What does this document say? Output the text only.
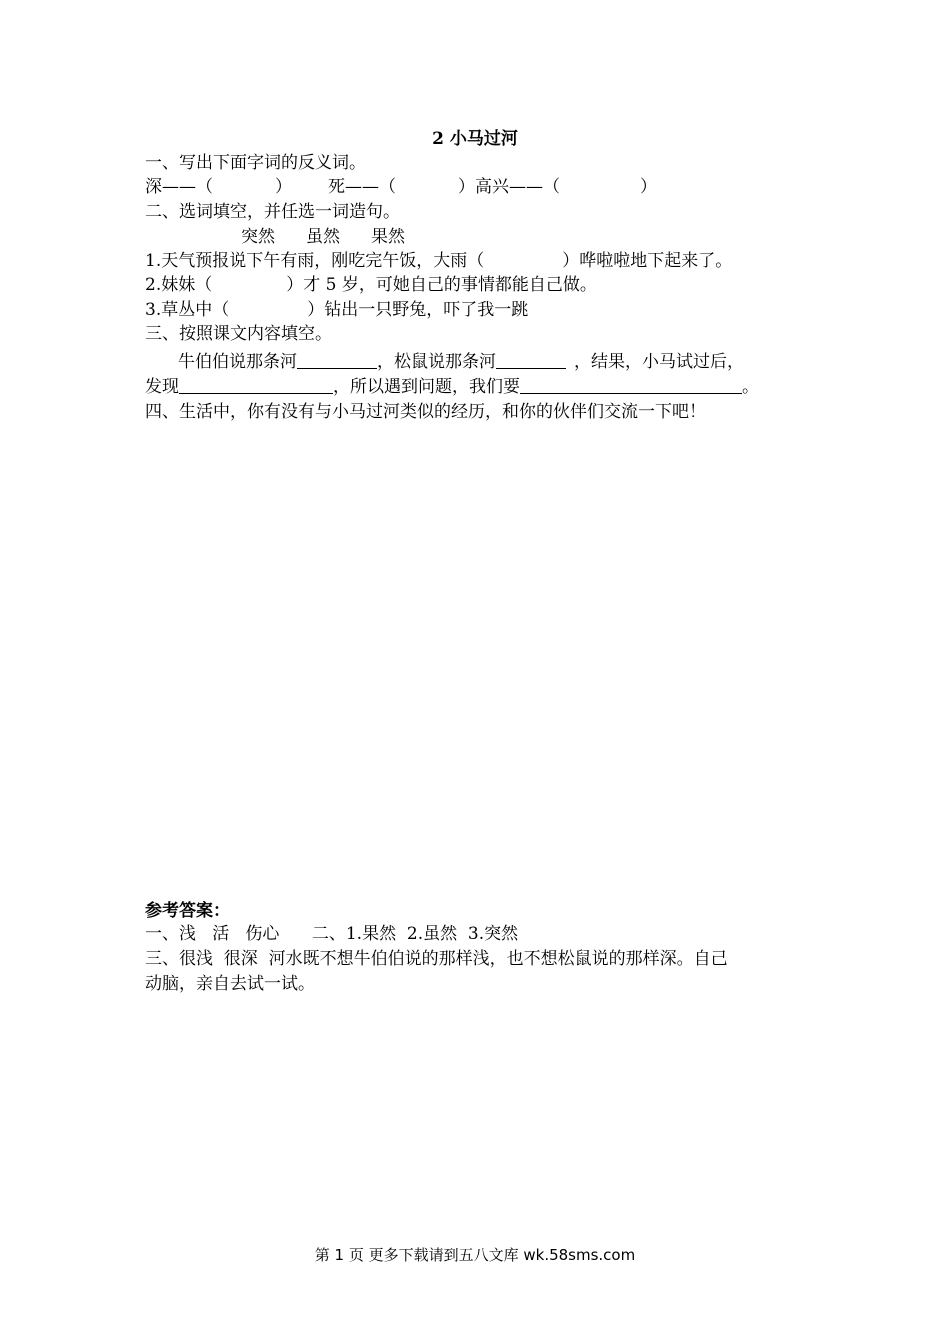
2 小马过河
一、写出下面字词的反义词。
深——（	） 死——（	）高兴——（	）
二、选词填空，并任选一词造句。
突然 虽然 果然
1.天气预报说下午有雨，刚吃完午饭，大雨（	）哗啦啦地下起来了。
2.妹妹（	）才 5 岁，可她自己的事情都能自己做。
3.草丛中（	）钻出一只野兔，吓了我一跳
三、按照课文内容填空。
牛伯伯说那条河	，松鼠说那条河	，结果，小马试过后，
发现	，所以遇到问题，我们要	。
四、生活中，你有没有与小马过河类似的经历，和你的伙伴们交流一下吧！
参考答案：
一、浅   活   伤心      二、1.果然  2.虽然  3.突然
三、很浅  很深  河水既不想牛伯伯说的那样浅，也不想松鼠说的那样深。自己
动脑，亲自去试一试。
第 1 页 更多下载请到五八文库 wk.58sms.com
